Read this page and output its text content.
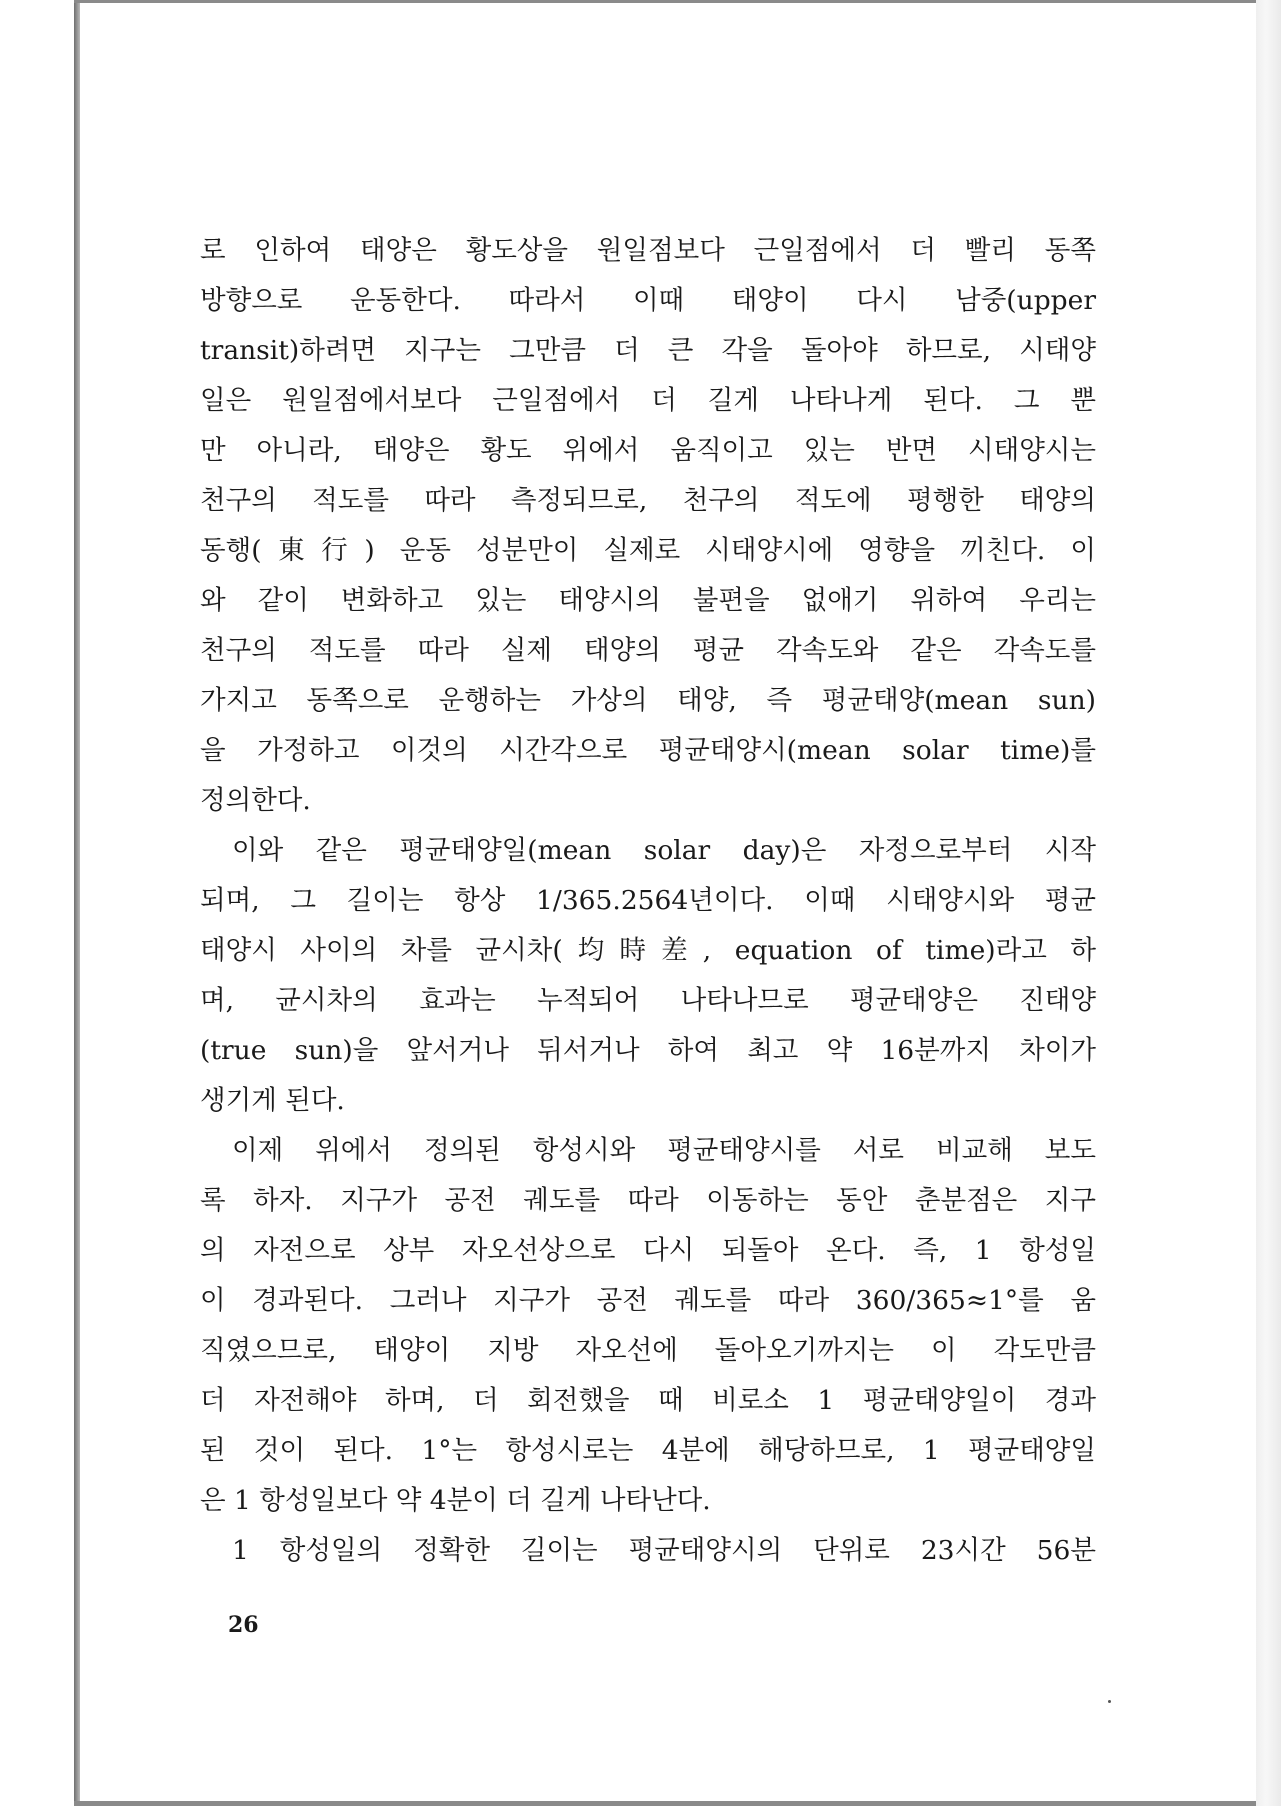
로 인하여 태양은 황도상을 원일점보다 근일점에서 더 빨리 동쪽
방향으로 운동한다. 따라서 이때 태양이 다시 남중(upper
transit)하려면 지구는 그만큼 더 큰 각을 돌아야 하므로, 시태양
일은 원일점에서보다 근일점에서 더 길게 나타나게 된다. 그 뿐
만 아니라, 태양은 황도 위에서 움직이고 있는 반면 시태양시는
천구의 적도를 따라 측정되므로, 천구의 적도에 평행한 태양의
동행(東行) 운동 성분만이 실제로 시태양시에 영향을 끼친다. 이
와 같이 변화하고 있는 태양시의 불편을 없애기 위하여 우리는
천구의 적도를 따라 실제 태양의 평균 각속도와 같은 각속도를
가지고 동쪽으로 운행하는 가상의 태양, 즉 평균태양(mean sun)
을 가정하고 이것의 시간각으로 평균태양시(mean solar time)를
정의한다.
이와 같은 평균태양일(mean solar day)은 자정으로부터 시작
되며, 그 길이는 항상 1/365.2564년이다. 이때 시태양시와 평균
태양시 사이의 차를 균시차(均時差, equation of time)라고 하
며, 균시차의 효과는 누적되어 나타나므로 평균태양은 진태양
(true sun)을 앞서거나 뒤서거나 하여 최고 약 16분까지 차이가
생기게 된다.
이제 위에서 정의된 항성시와 평균태양시를 서로 비교해 보도
록 하자. 지구가 공전 궤도를 따라 이동하는 동안 춘분점은 지구
의 자전으로 상부 자오선상으로 다시 되돌아 온다. 즉, 1 항성일
이 경과된다. 그러나 지구가 공전 궤도를 따라 360/365≈1°를 움
직였으므로, 태양이 지방 자오선에 돌아오기까지는 이 각도만큼
더 자전해야 하며, 더 회전했을 때 비로소 1 평균태양일이 경과
된 것이 된다. 1°는 항성시로는 4분에 해당하므로, 1 평균태양일
은 1 항성일보다 약 4분이 더 길게 나타난다.
1 항성일의 정확한 길이는 평균태양시의 단위로 23시간 56분
26
